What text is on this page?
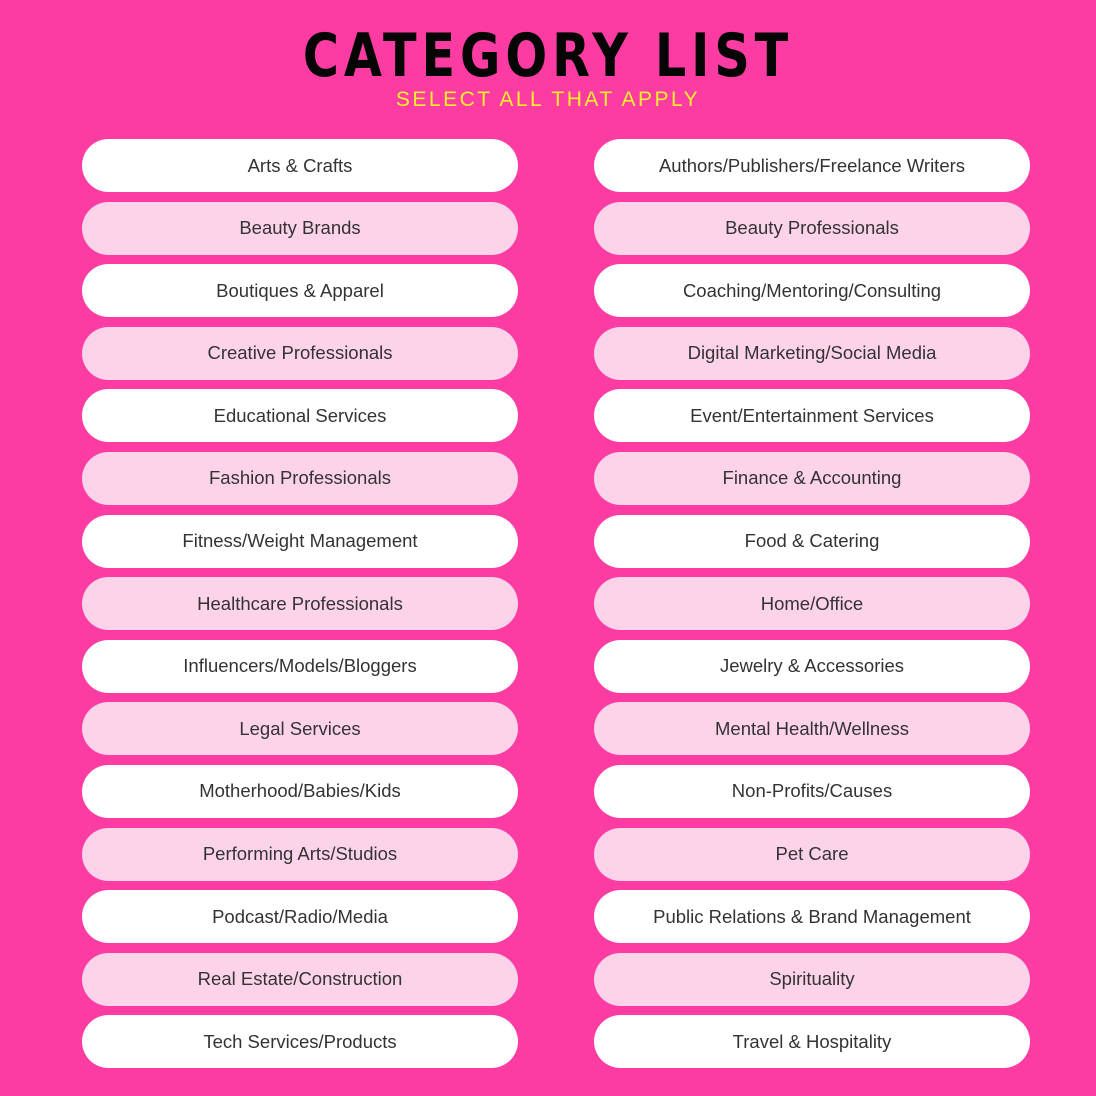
CATEGORY LIST
SELECT ALL THAT APPLY
Arts & Crafts
Beauty Brands
Boutiques & Apparel
Creative Professionals
Educational Services
Fashion Professionals
Fitness/Weight Management
Healthcare Professionals
Influencers/Models/Bloggers
Legal Services
Motherhood/Babies/Kids
Performing Arts/Studios
Podcast/Radio/Media
Real Estate/Construction
Tech Services/Products
Authors/Publishers/Freelance Writers
Beauty Professionals
Coaching/Mentoring/Consulting
Digital Marketing/Social Media
Event/Entertainment Services
Finance & Accounting
Food & Catering
Home/Office
Jewelry & Accessories
Mental Health/Wellness
Non-Profits/Causes
Pet Care
Public Relations & Brand Management
Spirituality
Travel & Hospitality
